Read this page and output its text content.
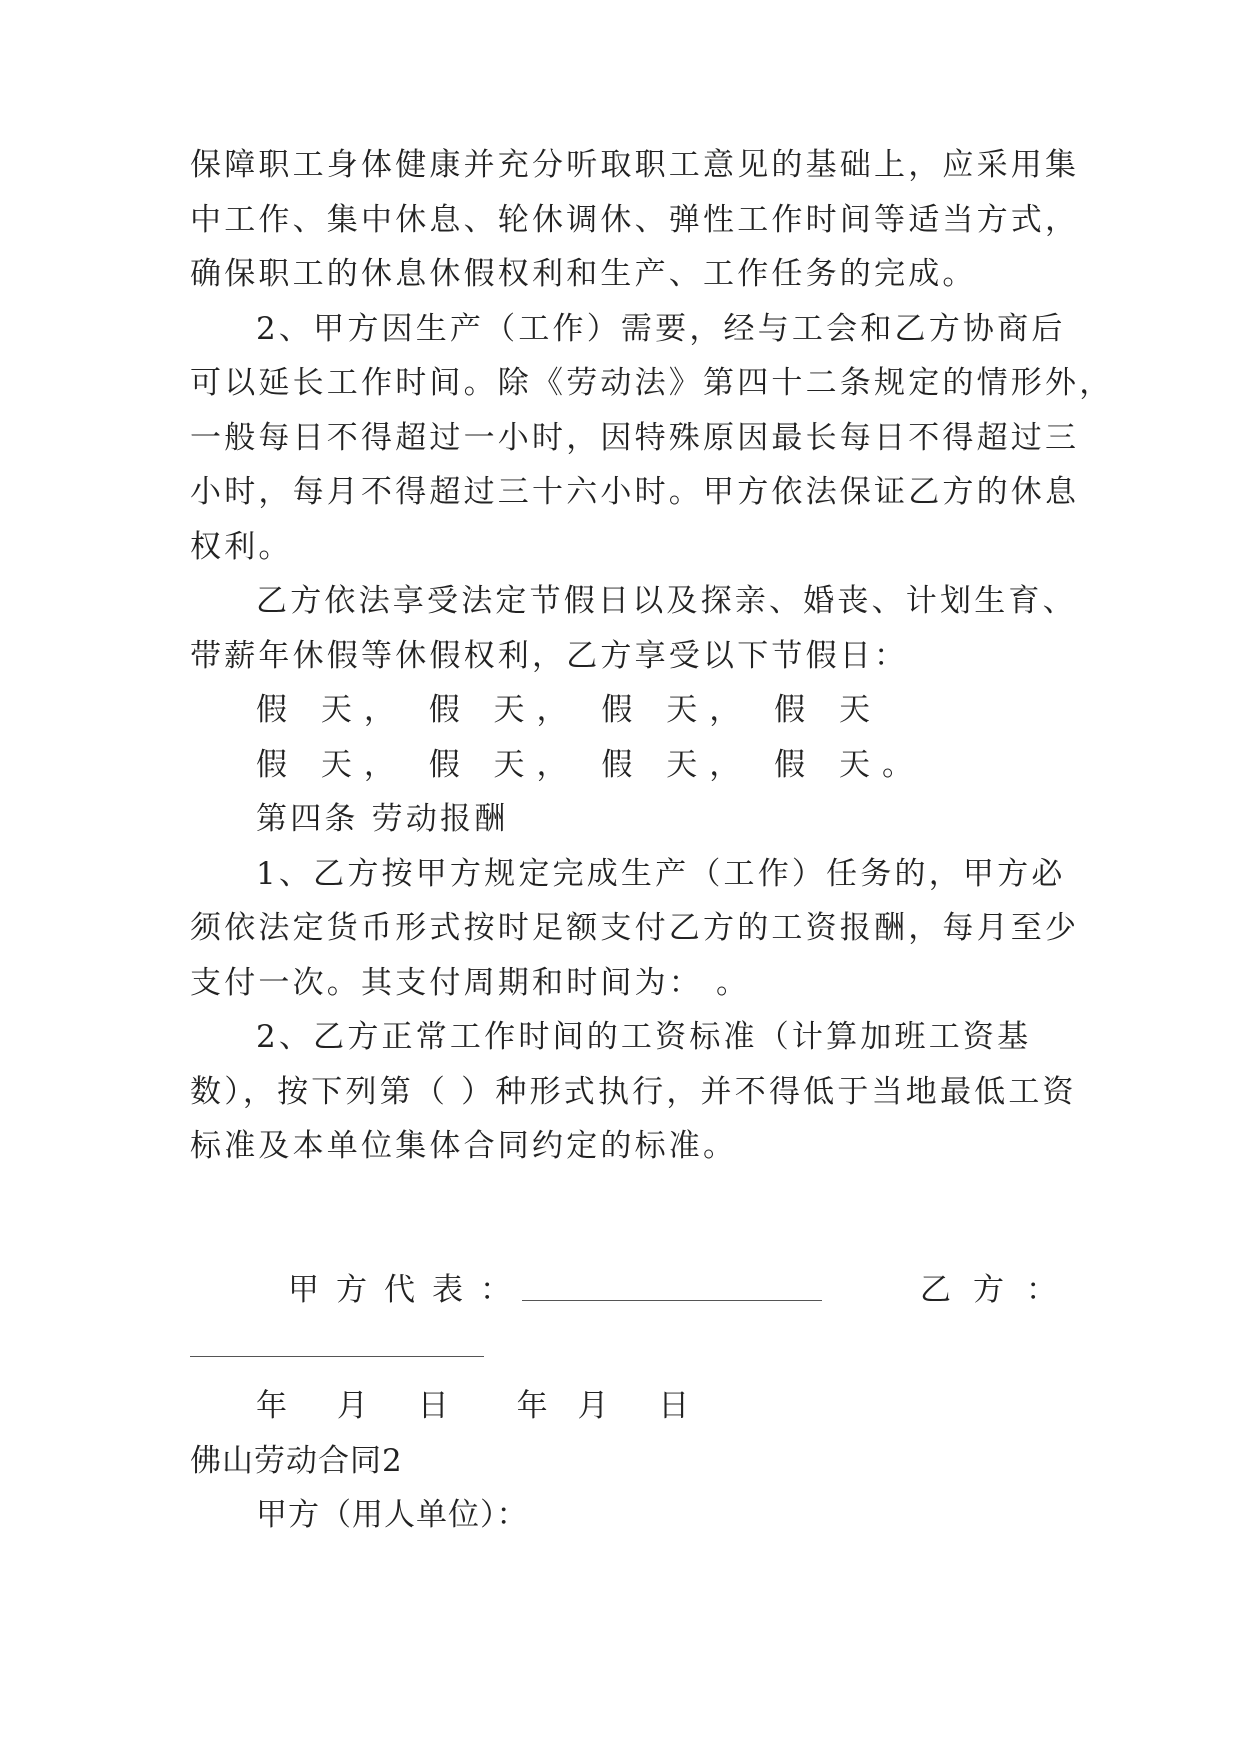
保障职工身体健康并充分听取职工意见的基础上，应采用集
中工作、集中休息、轮休调休、弹性工作时间等适当方式，
确保职工的休息休假权利和生产、工作任务的完成。
2、甲方因生产（工作）需要，经与工会和乙方协商后
可以延长工作时间。除《劳动法》第四十二条规定的情形外，
一般每日不得超过一小时，因特殊原因最长每日不得超过三
小时，每月不得超过三十六小时。甲方依法保证乙方的休息
权利。
乙方依法享受法定节假日以及探亲、婚丧、计划生育、
带薪年休假等休假权利，乙方享受以下节假日：
假 天， 假 天， 假 天， 假 天
假 天， 假 天， 假 天， 假 天。
第四条 劳动报酬
1、乙方按甲方规定完成生产（工作）任务的，甲方必
须依法定货币形式按时足额支付乙方的工资报酬，每月至少
支付一次。其支付周期和时间为： 。
2、乙方正常工作时间的工资标准（计算加班工资基
数），按下列第（ ）种形式执行，并不得低于当地最低工资
标准及本单位集体合同约定的标准。
甲方代表：	乙方：
年 月 日 年 月 日
佛山劳动合同2
甲方（用人单位）：
